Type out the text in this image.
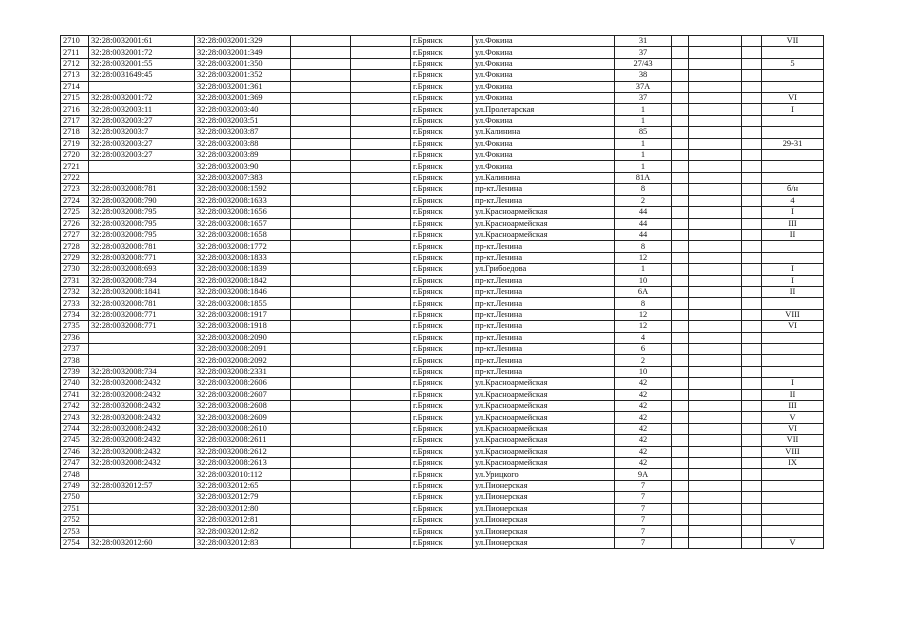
2710	32:28:0032001:61	32:28:0032001:329			г.Брянск	ул.Фокина	31				VII
2711	32:28:0032001:72	32:28:0032001:349			г.Брянск	ул.Фокина	37				
2712	32:28:0032001:55	32:28:0032001:350			г.Брянск	ул.Фокина	27/43				5
2713	32:28:0031649:45	32:28:0032001:352			г.Брянск	ул.Фокина	38				
2714		32:28:0032001:361			г.Брянск	ул.Фокина	37А				
2715	32:28:0032001:72	32:28:0032001:369			г.Брянск	ул.Фокина	37				VI
2716	32:28:0032003:11	32:28:0032003:40			г.Брянск	ул.Пролетарская	1				I
2717	32:28:0032003:27	32:28:0032003:51			г.Брянск	ул.Фокина	1				
2718	32:28:0032003:7	32:28:0032003:87			г.Брянск	ул.Калинина	85				
2719	32:28:0032003:27	32:28:0032003:88			г.Брянск	ул.Фокина	1				29-31
2720	32:28:0032003:27	32:28:0032003:89			г.Брянск	ул.Фокина	1				
2721		32:28:0032003:90			г.Брянск	ул.Фокина	1				
2722		32:28:0032007:383			г.Брянск	ул.Калинина	81А				
2723	32:28:0032008:781	32:28:0032008:1592			г.Брянск	пр-кт.Ленина	8				б/н
2724	32:28:0032008:790	32:28:0032008:1633			г.Брянск	пр-кт.Ленина	2				4
2725	32:28:0032008:795	32:28:0032008:1656			г.Брянск	ул.Красноармейская	44				I
2726	32:28:0032008:795	32:28:0032008:1657			г.Брянск	ул.Красноармейская	44				III
2727	32:28:0032008:795	32:28:0032008:1658			г.Брянск	ул.Красноармейская	44				II
2728	32:28:0032008:781	32:28:0032008:1772			г.Брянск	пр-кт.Ленина	8				
2729	32:28:0032008:771	32:28:0032008:1833			г.Брянск	пр-кт.Ленина	12				
2730	32:28:0032008:693	32:28:0032008:1839			г.Брянск	ул.Грибоедова	1				I
2731	32:28:0032008:734	32:28:0032008:1842			г.Брянск	пр-кт.Ленина	10				I
2732	32:28:0032008:1841	32:28:0032008:1846			г.Брянск	пр-кт.Ленина	6А				II
2733	32:28:0032008:781	32:28:0032008:1855			г.Брянск	пр-кт.Ленина	8				
2734	32:28:0032008:771	32:28:0032008:1917			г.Брянск	пр-кт.Ленина	12				VIII
2735	32:28:0032008:771	32:28:0032008:1918			г.Брянск	пр-кт.Ленина	12				VI
2736		32:28:0032008:2090			г.Брянск	пр-кт.Ленина	4				
2737		32:28:0032008:2091			г.Брянск	пр-кт.Ленина	6				
2738		32:28:0032008:2092			г.Брянск	пр-кт.Ленина	2				
2739	32:28:0032008:734	32:28:0032008:2331			г.Брянск	пр-кт.Ленина	10				
2740	32:28:0032008:2432	32:28:0032008:2606			г.Брянск	ул.Красноармейская	42				I
2741	32:28:0032008:2432	32:28:0032008:2607			г.Брянск	ул.Красноармейская	42				II
2742	32:28:0032008:2432	32:28:0032008:2608			г.Брянск	ул.Красноармейская	42				III
2743	32:28:0032008:2432	32:28:0032008:2609			г.Брянск	ул.Красноармейская	42				V
2744	32:28:0032008:2432	32:28:0032008:2610			г.Брянск	ул.Красноармейская	42				VI
2745	32:28:0032008:2432	32:28:0032008:2611			г.Брянск	ул.Красноармейская	42				VII
2746	32:28:0032008:2432	32:28:0032008:2612			г.Брянск	ул.Красноармейская	42				VIII
2747	32:28:0032008:2432	32:28:0032008:2613			г.Брянск	ул.Красноармейская	42				IX
2748		32:28:0032010:112			г.Брянск	ул.Урицкого	9А				
2749	32:28:0032012:57	32:28:0032012:65			г.Брянск	ул.Пионерская	7				
2750		32:28:0032012:79			г.Брянск	ул.Пионерская	7				
2751		32:28:0032012:80			г.Брянск	ул.Пионерская	7				
2752		32:28:0032012:81			г.Брянск	ул.Пионерская	7				
2753		32:28:0032012:82			г.Брянск	ул.Пионерская	7				
2754	32:28:0032012:60	32:28:0032012:83			г.Брянск	ул.Пионерская	7				V
